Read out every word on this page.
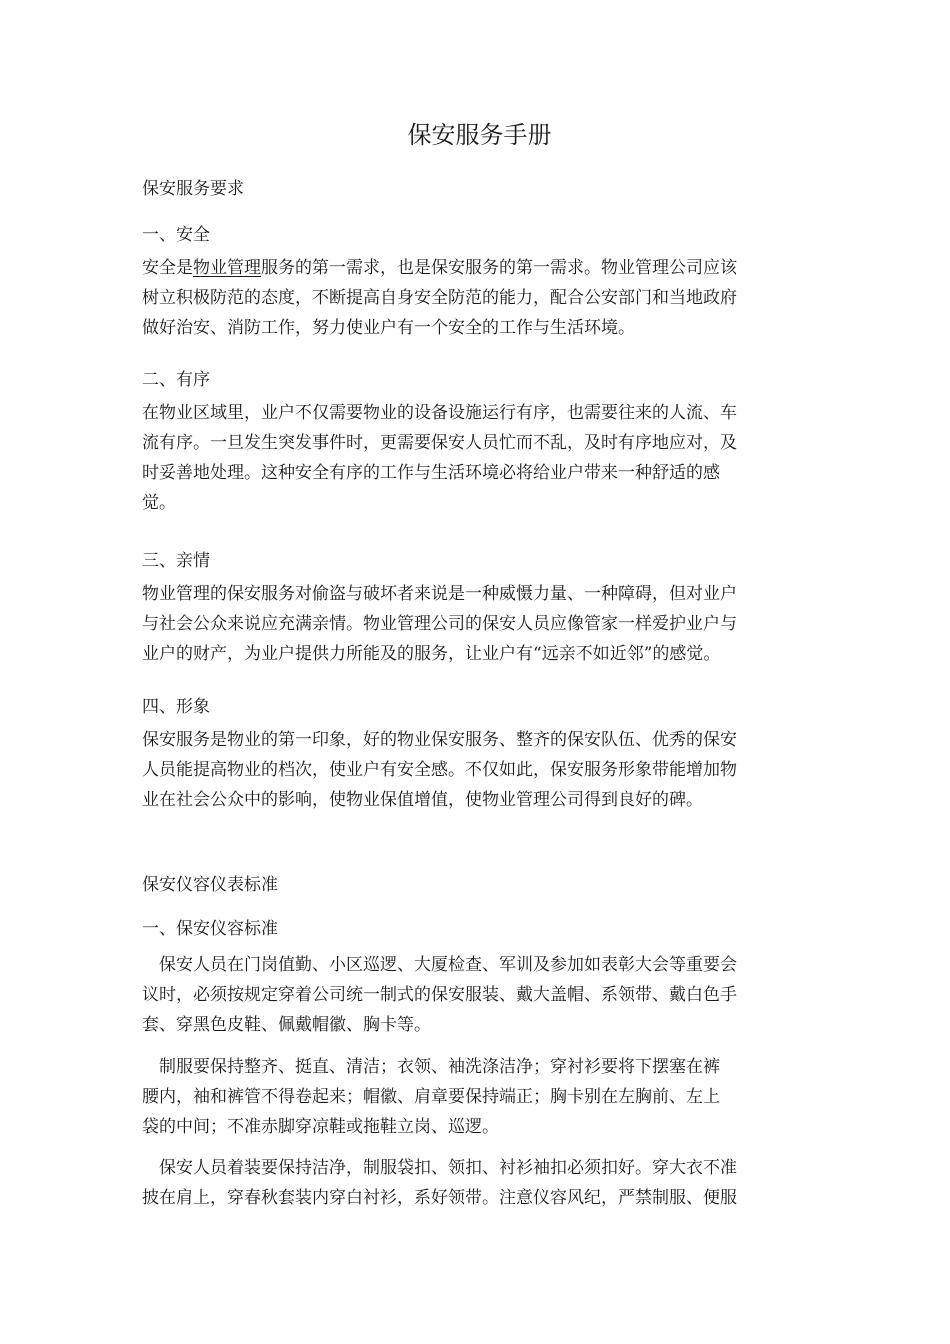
保安服务手册

保安服务要求

一、安全

安全是物业管理服务的第一需求，也是保安服务的第一需求。物业管理公司应该
树立积极防范的态度，不断提高自身安全防范的能力，配合公安部门和当地政府
做好治安、消防工作，努力使业户有一个安全的工作与生活环境。

二、有序

在物业区域里，业户不仅需要物业的设备设施运行有序，也需要往来的人流、车
流有序。一旦发生突发事件时，更需要保安人员忙而不乱，及时有序地应对，及
时妥善地处理。这种安全有序的工作与生活环境必将给业户带来一种舒适的感
觉。

三、亲情

物业管理的保安服务对偷盗与破坏者来说是一种威慑力量、一种障碍，但对业户
与社会公众来说应充满亲情。物业管理公司的保安人员应像管家一样爱护业户与
业户的财产，为业户提供力所能及的服务，让业户有“远亲不如近邻”的感觉。

四、形象

保安服务是物业的第一印象，好的物业保安服务、整齐的保安队伍、优秀的保安
人员能提高物业的档次，使业户有安全感。不仅如此，保安服务形象带能增加物
业在社会公众中的影响，使物业保值增值，使物业管理公司得到良好的碑。

保安仪容仪表标准

一、保安仪容标准

保安人员在门岗值勤、小区巡逻、大厦检查、军训及参加如表彰大会等重要会
议时，必须按规定穿着公司统一制式的保安服装、戴大盖帽、系领带、戴白色手
套、穿黑色皮鞋、佩戴帽徽、胸卡等。

制服要保持整齐、挺直、清洁；衣领、袖洗涤洁净；穿衬衫要将下摆塞在裤
腰内，袖和裤管不得卷起来；帽徽、肩章要保持端正；胸卡别在左胸前、左上
袋的中间；不准赤脚穿凉鞋或拖鞋立岗、巡逻。

保安人员着装要保持洁净，制服袋扣、领扣、衬衫袖扣必须扣好。穿大衣不准
披在肩上，穿春秋套装内穿白衬衫，系好领带。注意仪容风纪，严禁制服、便服
